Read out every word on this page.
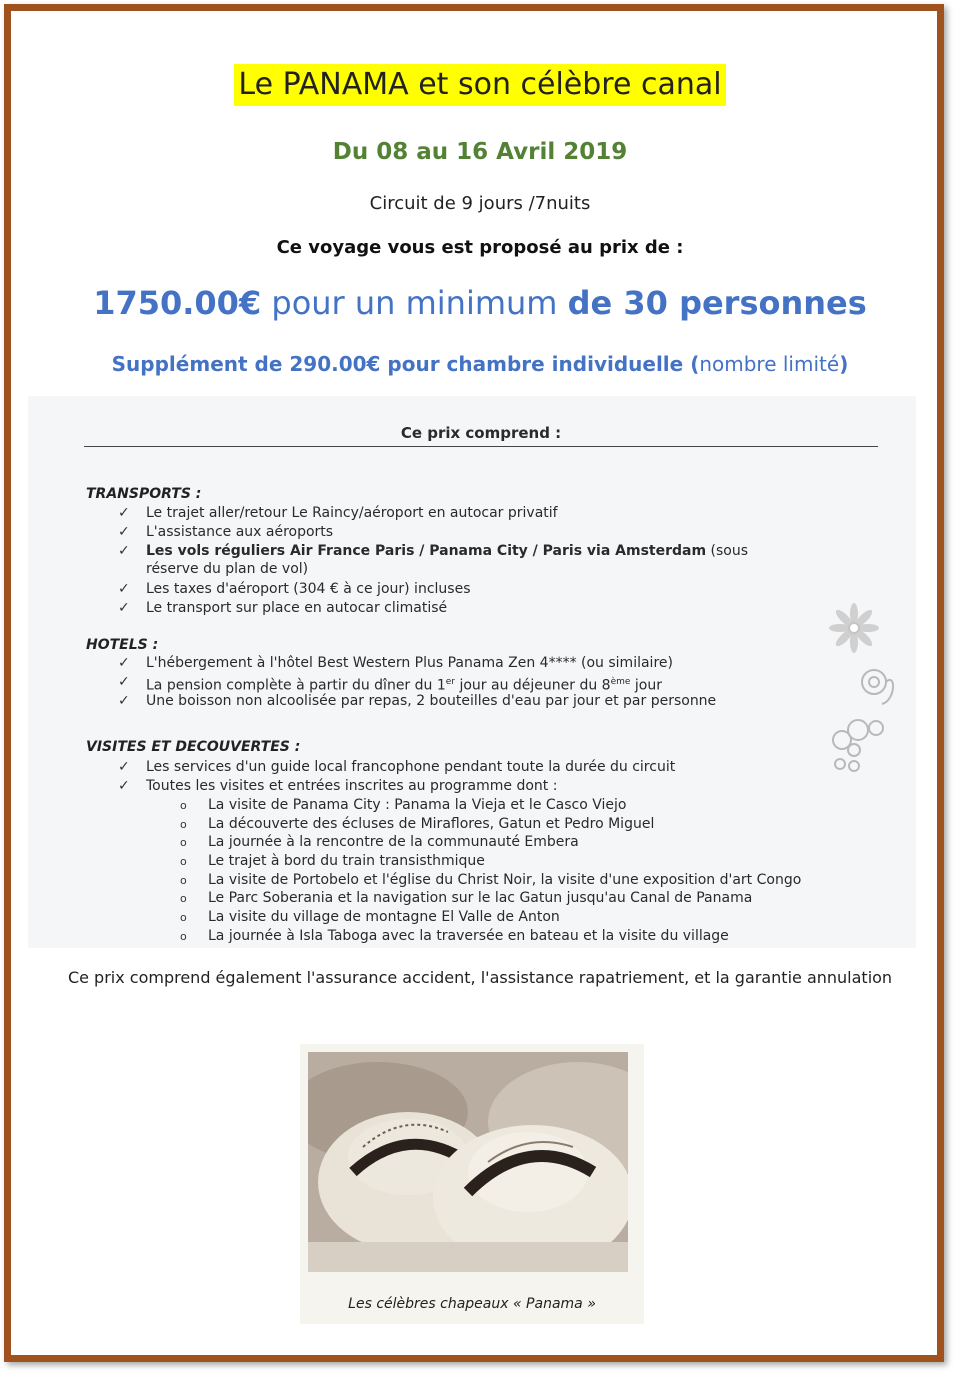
Le PANAMA et son célèbre canal
Du 08 au 16 Avril 2019
Circuit de 9 jours /7nuits
Ce voyage vous est proposé au prix de :
1750.00€ pour un minimum de 30 personnes
Supplément de 290.00€ pour chambre individuelle (nombre limité)
Ce prix comprend :
TRANSPORTS :
✓ Le trajet aller/retour Le Raincy/aéroport en autocar privatif
✓ L'assistance aux aéroports
✓ Les vols réguliers Air France Paris / Panama City / Paris via Amsterdam (sous
réserve du plan de vol)
✓ Les taxes d'aéroport (304 € à ce jour) incluses
✓ Le transport sur place en autocar climatisé
HOTELS :
✓ L'hébergement à l'hôtel Best Western Plus Panama Zen 4**** (ou similaire)
✓ La pension complète à partir du dîner du 1er jour au déjeuner du 8ème jour
✓ Une boisson non alcoolisée par repas, 2 bouteilles d'eau par jour et par personne
VISITES ET DECOUVERTES :
✓ Les services d'un guide local francophone pendant toute la durée du circuit
✓ Toutes les visites et entrées inscrites au programme dont :
o La visite de Panama City : Panama la Vieja et le Casco Viejo
o La découverte des écluses de Miraflores, Gatun et Pedro Miguel
o La journée à la rencontre de la communauté Embera
o Le trajet à bord du train transisthmique
o La visite de Portobelo et l'église du Christ Noir, la visite d'une exposition d'art Congo
o Le Parc Soberania et la navigation sur le lac Gatun jusqu'au Canal de Panama
o La visite du village de montagne El Valle de Anton
o La journée à Isla Taboga avec la traversée en bateau et la visite du village
Ce prix comprend également l'assurance accident, l'assistance rapatriement, et la garantie annulation
Les célèbres chapeaux « Panama »
